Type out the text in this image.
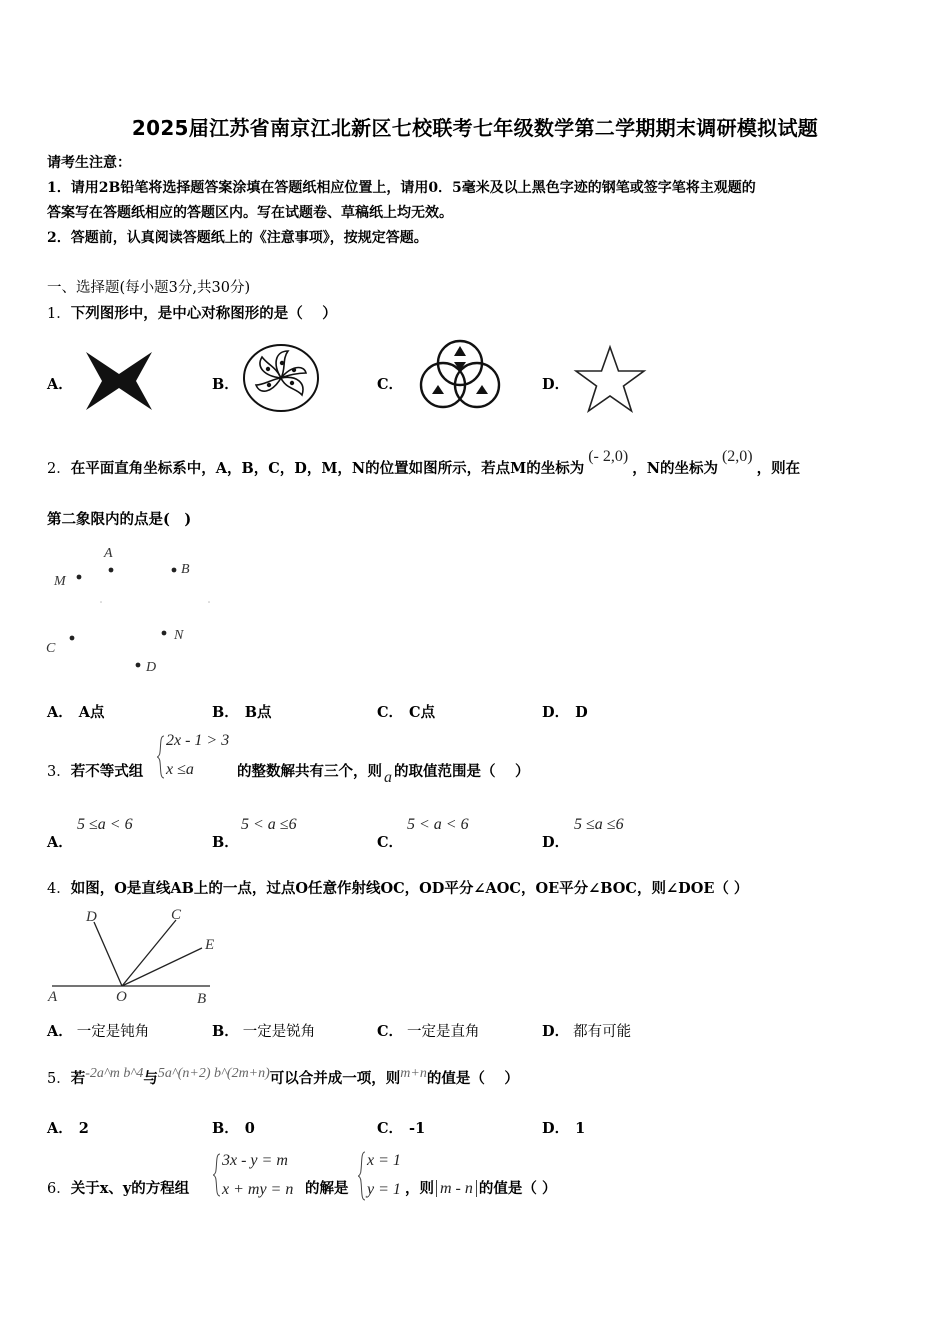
2025届江苏省南京江北新区七校联考七年级数学第二学期期末调研模拟试题
请考生注意：
1．请用2B铅笔将选择题答案涂填在答题纸相应位置上，请用0．5毫米及以上黑色字迹的钢笔或签字笔将主观题的
答案写在答题纸相应的答题区内。写在试题卷、草稿纸上均无效。
2．答题前，认真阅读答题纸上的《注意事项》，按规定答题。
一、选择题(每小题3分,共30分)
1．下列图形中，是中心对称图形的是（　 ）
A．	B．	C．	D．
2．在平面直角坐标系中，A，B，C，D，M，N的位置如图所示，若点M的坐标为(- 2,0)，N的坐标为(2,0)，则在
第二象限内的点是(　)
A
B
M
C
N
D
A． A点	B． B点	C． C点	D． D
3．若不等式组
2x - 1 > 3
x ≤a	的整数解共有三个，则 a 的取值范围是（　 ）
A．
5 ≤a < 6
B．
5 < a ≤6
C．
5 < a < 6
D．
5 ≤a ≤6
4．如图，O是直线AB上的一点，过点O任意作射线OC，OD平分∠AOC，OE平分∠BOC，则∠DOE（ ）
D	C
E
A	O	B
A． 一定是钝角	B． 一定是锐角	C． 一定是直角	D． 都有可能
5．若-2a^m b^4与5a^(n+2) b^(2m+n)可以合并成一项，则m+n的值是（　 ）
A． 2	B． 0	C． -1	D． 1
6．关于x、y的方程组
3x - y = m
x + my = n 的解是
x = 1
y = 1 ，则 m - n 的值是（ ）
